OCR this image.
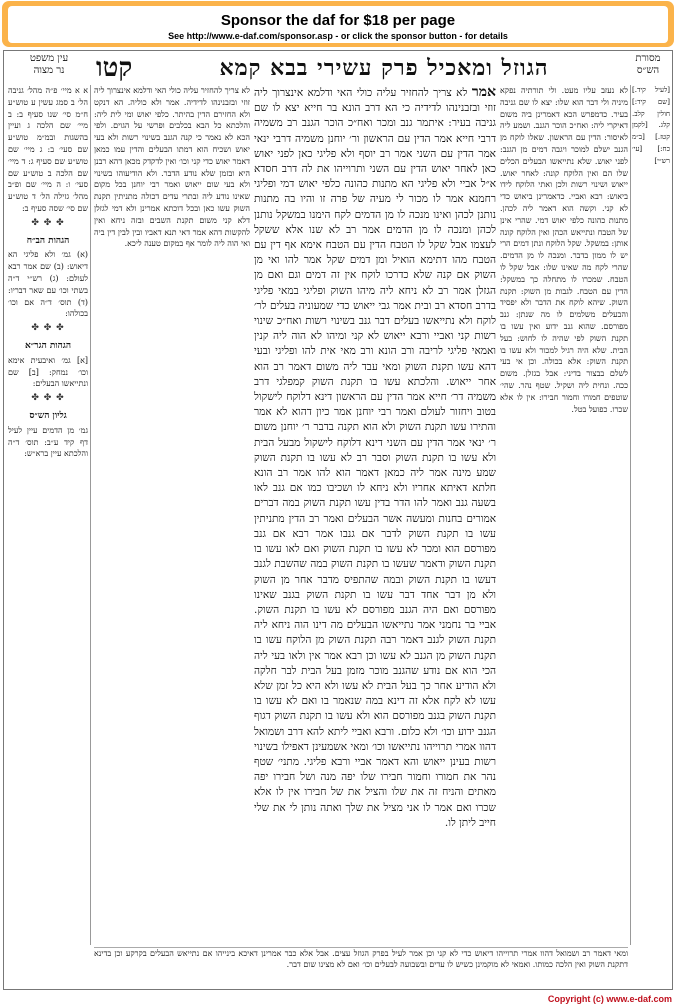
Sponsor the daf for $18 per page
See http://www.e-daf.com/sponsor.asp - or click the sponsor button - for details
עין משפט
נר מצוה	קטו	הגוזל ומאכיל פרק עשירי בבא קמא	מסורת
הש״ס
א א מיי׳ פ״ה מהל׳ גניבה הל׳ ב סמג עשין ע טוש״ע ח״מ סי׳ שנו סעיף ב: ב מיי׳ שם הלכה ג ועיין בהשגות ובמ״מ טוש״ע שם סעי׳ ב: ג מיי׳ שם טוש״ע שם סעיף ג: ד מיי׳ שם הלכה ב טוש״ע שם סעי׳ ו: ה מיי׳ שם ופ״ב מהל׳ גזילה הל׳ ד טוש״ע שם סי׳ שסה סעיף ב:
✤ ✤ ✤
הגהות הב״ח
(א) גמ׳ ולא פליגי הא דיאוש: (ב) שם אמר רבא לעולם: (ג) רש״י ד״ה בשתי וכו׳ עם שאר דבריו: (ד) תוס׳ ד״ה אם וכו׳ בכולהו:
✤ ✤ ✤
הגהות הגר״א
[א] גמ׳ ואיבעית אימא וכו׳ נמחק: [ב] שם ונתייאשו הבעלים:
✤ ✤ ✤
גליון הש״ס
גמ׳ מן הדמים עיין לעיל דף קיד ע״ב: תוס׳ ד״ה והלכתא עיין ברא״ש:
לא צריך להחזיר עליה כולי האי ודלמא אינצרוך ליה זוזי ובזבנינהו לדידיה. אמר ולא כוליה. הא דנקט ולא החזירם הדין בהיתר. כלפי יאוש ומי לית ליה: והלכתא כל הבא בכלבים ופרשי על הגוים. ולפי הכא לא נאמר כי קנה הגנב בשינוי רשות ולא בעי יאוש ושכיח הוא דמתו הבעלים והדין עמו כמאן דאמר יאוש כדי קני וכו׳ ואין לדקדק מכאן דהא רבנן היא ובזמן שלא נודע הדבר. ולא הודיעוהו בשינוי ולא בעי שום ייאוש ואמר רבי יוחנן בכל מקום שאינו נודע ליה ובתרי עדים דכולה מתניתין תקנת השוק עשו כאן ובכל דוכתא אמרינן ולא דמי לגזלן דלא קני משום תקנת השבים ובזה ניחא ואין להקשות דהא אמר דאי תנא דאביו ובין לבין דין ביה ואי הוה ליה לומר אף במקום טענה ליכא.
אמר לא צריך להחזיר עליה כולי האי ודלמא אינצרוך ליה זוזי ובזבנינהו לדידיה כי הא דרב הונא בר חייא יצא לו שם גניבה בעיר: איתמר גנב ומכר ואח״כ הוכר הגנב רב משמיה דרבי חייא אמר הדין עם הראשון ור׳ יוחנן משמיה דרבי ינאי אמר הדין עם השני אמר רב יוסף ולא פליגי כאן לפני יאוש כאן לאחר יאוש הדין עם השני ותרוייהו את לה דרב חסדא א״ל אביי ולא פליגי הא מתנות כהונה כלפי יאוש דמי ופליגי רחמנא אמר לו מכור לי מעיה של פרה זו והיו בה מתנות נותנן לכהן ואינו מנכה לו מן הדמים לקח הימנו במשקל נותנן לכהן ומנכה לו מן הדמים אמר רב לא שנו אלא ששקל לעצמו אבל שקל לו הטבח הדין עם הטבח אימא אף דין עם הטבח מהו דתימא הואיל ומן דמים שקל אמר להו ואי מן השוק אם קנה שלא כדרכו לוקח אין זה דמים וגם ואם מן הגזלן אמר רב לא ניחא ליה מיהו השוק ופליגי במאי פליגי בדרב חסדא רב ובית אמר גבי ייאוש כדי שמעוניה בעלים לר׳ לוקח ולא נתייאשו בעלים דבר גנב בשינוי רשות ואח״כ שינוי רשות קני ואביי ורבא ייאוש לא קני ומיהו לא הוה ליה קנין ואמאי פליגי לריבה ורב הונא ורב מאי אית להו ופליגי ובעי דהא עשו תקנת השוק ומאי עבד ליה משום דאמר רב הוא אחר ייאוש. והלכתא עשו בו תקנת השוק קמפלגי דרב משמיה דר׳ חייא אמר הדין עם הראשון דינא דלוקח לישקול בטוב ויחזור לעולם ואמר רבי יוחנן אמר כיון דהוא לא אמר והתירו עשו תקנת השוק ולא הוא תקנה בדבר ר׳ יוחנן משום ר׳ ינאי אמר הדין עם השני דינא דלוקח לישקול מבעל הבית ולא עשו בו תקנת השוק וסבר רב לא עשו בו תקנת השוק שמע מינה אמר ליה כמאן דאמר הוא להו אמר רב הונא חלתא דאיתא אחריו ולא ניחא לו ושכיבו כמו אם גנב לאו בשעה גנב ואמר להו הדר בדין עשו תקנת השוק במה דברים אמורים בחנות ומעשה אשר הבעלים ואמר רב הדין מתניתין עשו בו תקנת השוק לדבר אם גנבו אמר רבא אם גנב מפורסם הוא ומכר לא עשו בו תקנת השוק ואם לאו עשו בו תקנת השוק ודאמר שעשו בו תקנת השוק במה שהשבת לגנב דעשו בו תקנת השוק ובמה שהתפיס מדבר אחר מן השוק ולא מן דבר אחד דבר עשו בו תקנת השוק בגנב שאינו מפורסם ואם היה הגנב מפורסם לא עשו בו תקנת השוק. אביי בר נחמני אמר נתייאשו הבעלים מה דינו הוה ניחא ליה תקנת השוק לגנב דאמר רבה תקנת השוק מן הלוקח עשו בו תקנת השוק מן הגנב לא עשו וכן רבא אמר אין ולאו בעי ליה הכי הוא אם נודע שהגנב מוכר מזמן בעל הבית לבר חלקה ולא הודיע אחר כך בעל הבית לא עשו ולא היא כל זמן שלא עשו לא לקח אלא זה דינא במה שנאמר בו ואם לא עשו בו תקנת השוק בגנב מפורסם הוא ולא עשו בו תקנת השוק דגוף הגנב ידוע וכו׳ ולא כלום. ורבא ואביי ליתא להא דרב ושמואל דהוו אמרי תרוייהו נתייאשו וכו׳ ומאי אשמעינן דאפילו בשינוי רשות בעינן ייאוש והא דאמר אביי ורבא פליגי. מתני׳ שטף נהר את חמורו וחמור חבירו שלו יפה מנה ושל חבירו יפה מאתים והניח זה את שלו והציל את של חבירו אין לו אלא שכרו ואם אמר לו אני מציל את שלך ואתה נותן לי את שלי חייב ליתן לו.
לא נעזב עליו מעט. ולי תורתיה נפקא מיניה ולי דבר הוא שלו: יצא לו שם גניבה בעיר. כדמפרש הכא דאמרינן ביה משום דאיקרי ליה: ואח״כ הוכר הגנב. ושמע ליה לאיסור: הדין עם הראשון. שאלו לוקח מן הגנב ישלם למוכר ויגבה דמים מן הגנב: לפני יאוש. שלא נתייאשו הבעלים הכלים שלו הם ואין הלוקח קונה: לאחר יאוש. ייאוש ושינוי רשות ולכן ואתי הלוקח לידו ביאוש: רבא ואביי. כדאמרינן ביאוש כדי לא קני. וקשה הוא דאמר ליה לכהן. מתנות כהונה כלפי יאוש דמי. שהרי אינן של הטבח ונתייאש הכהן ואין הלוקח קונה אותן: במשקל. שקל הלוקח ונתן דמים הרי יש לו ממון בדבר. ומנכה לו מן הדמים. שהרי לקח מה שאינו שלו: אבל שקל לו הטבח. שמכרו לו מתחלה כך במשקל: הדין עם הטבח. לגבות מן השוק: תקנת השוק. שיהא לוקח את הדבר ולא יפסיד והבעלים משלמים לו מה שנתן: גנב מפורסם. שהוא גנב ידוע ואין עשו בו תקנת השוק לפי שהיה לו לחוש: בעל הבית. שלא היה רגיל למכור ולא עשו בו תקנת השוק: אלא בכולה. וכן אי בעי לשלם בבצור בדיני: אבל בגזלן. משום ככה. ונחית ליה ושקיל. שטף נהר. שהי׳ שוטפים חמורו וחמור חבירו: אין לו אלא שכרו. כפועל בטל.
[לעיל קיד.] [שם קיד:] חולין קלב. קלג. [לקמן קטז.] [ב״מ כח:] [עי׳ רש״י]
ומאי דאמר רב ושמואל דהוו אמרי תרוייהו דיאוש כדי לא קני וכן אמר לעיל בפרק הגוזל עצים. אבל אלא כבר אמרינן דאיכא בינייהו אם נתייאש הבעלים בקרקע וכן בדינא דתקנת השוק ואין הלכה כמותו. ואמאי לא מוקמינן כשיש לו עדים ובשבועה לבעלים וכו׳ ואם לא מצינו שום דבר.
Copyright (c) www.e-daf.com
